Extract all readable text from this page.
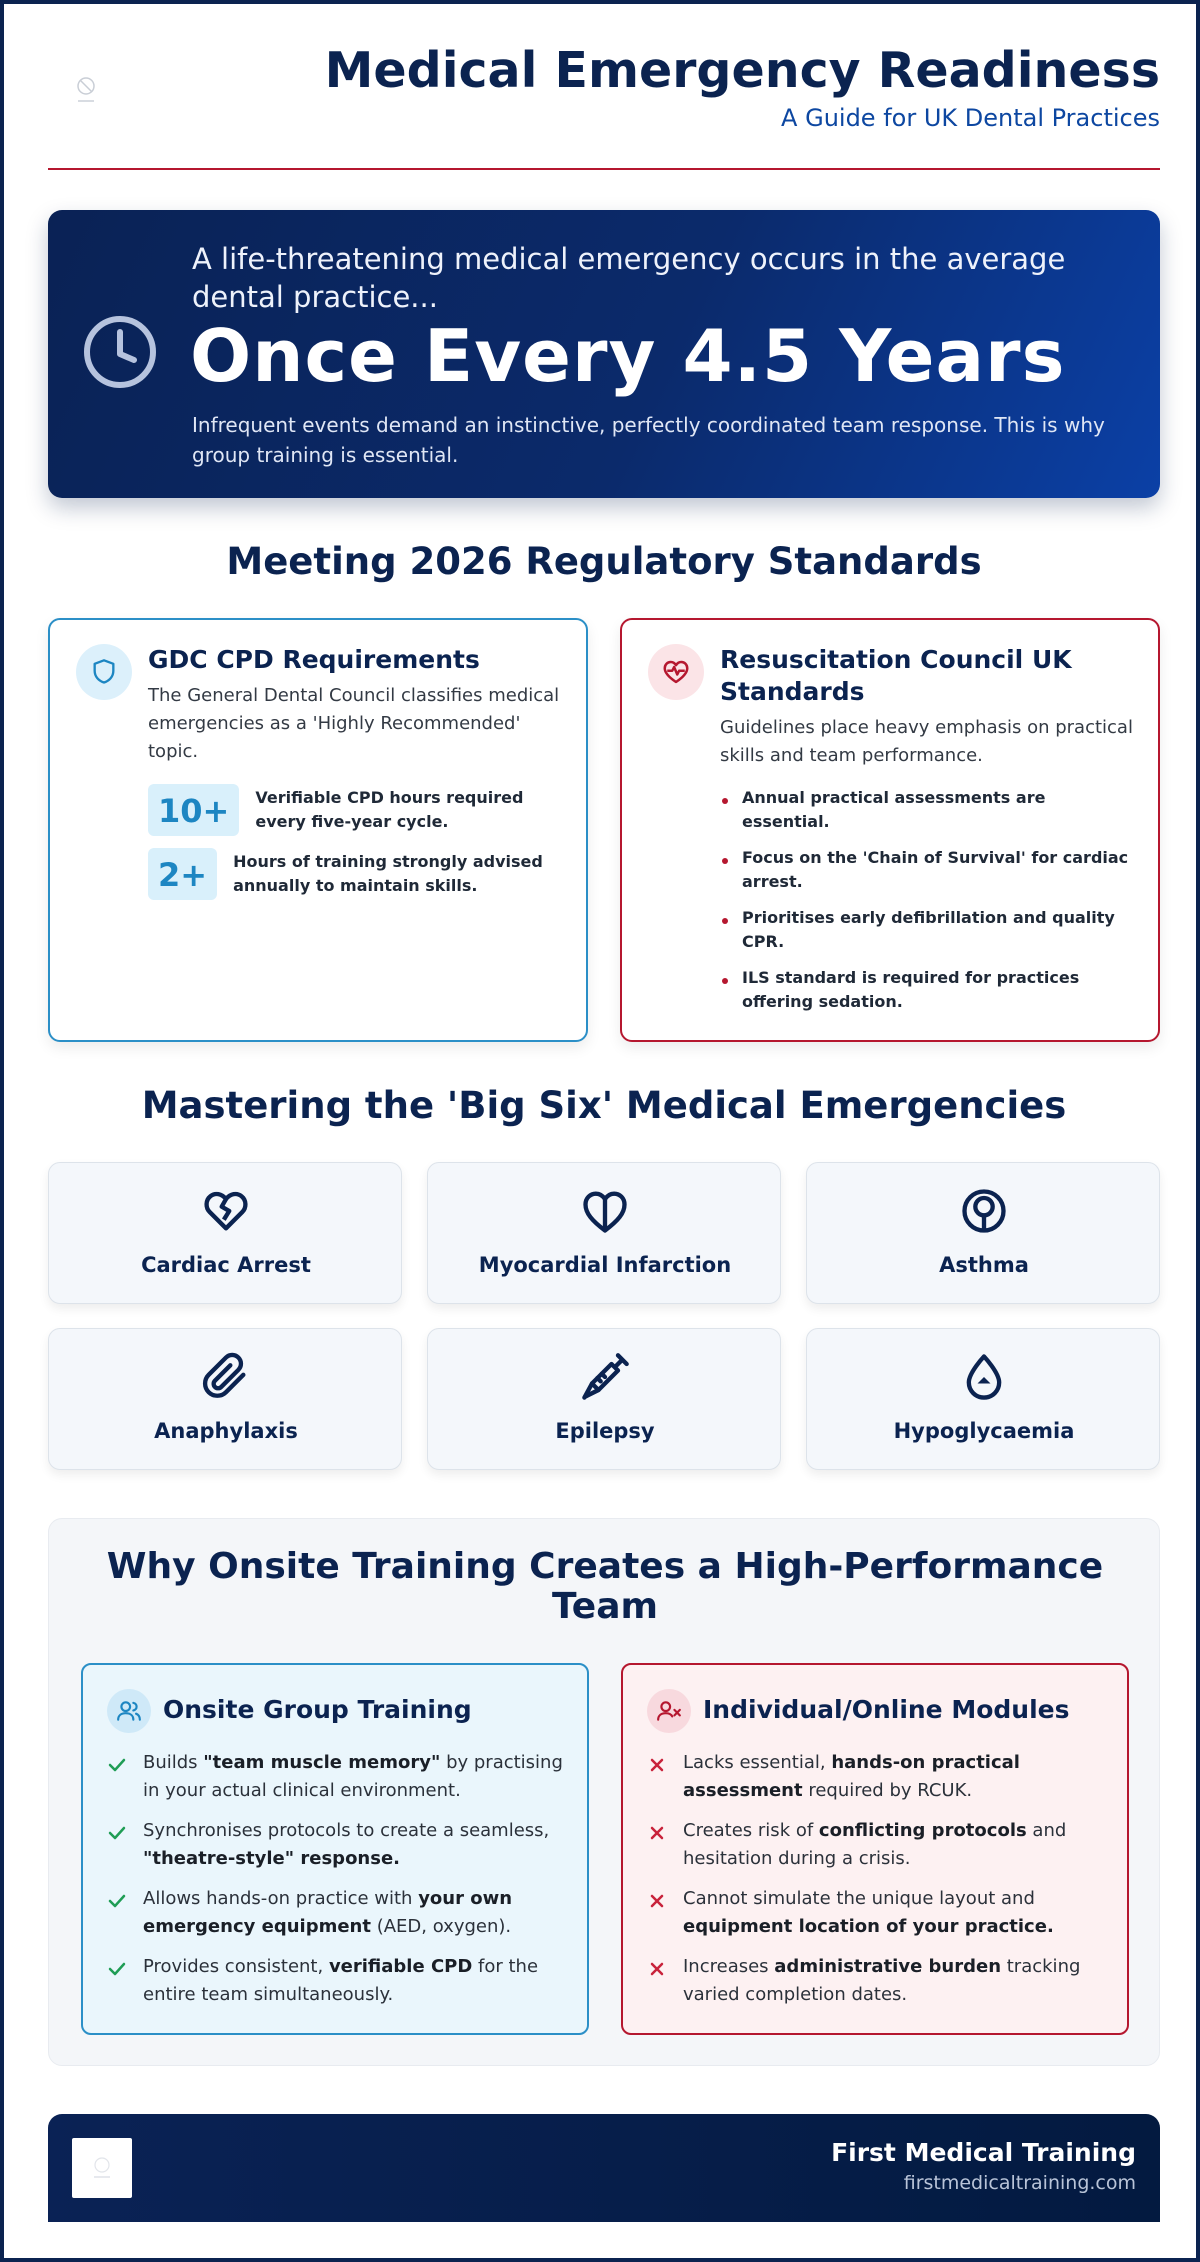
Medical Emergency Readiness
A Guide for UK Dental Practices
A life-threatening medical emergency occurs in the average dental practice...
Once Every 4.5 Years
Infrequent events demand an instinctive, perfectly coordinated team response. This is why group training is essential.
Meeting 2026 Regulatory Standards
GDC CPD Requirements
The General Dental Council classifies medical emergencies as a 'Highly Recommended' topic.
10+	Verifiable CPD hours required every five-year cycle.
2+	Hours of training strongly advised annually to maintain skills.
Resuscitation Council UK Standards
Guidelines place heavy emphasis on practical skills and team performance.
Annual practical assessments are essential.
Focus on the 'Chain of Survival' for cardiac arrest.
Prioritises early defibrillation and quality CPR.
ILS standard is required for practices offering sedation.
Mastering the 'Big Six' Medical Emergencies
Cardiac Arrest	Myocardial Infarction	Asthma
Anaphylaxis	Epilepsy	Hypoglycaemia
Why Onsite Training Creates a High-Performance Team
Onsite Group Training
Builds "team muscle memory" by practising in your actual clinical environment.
Synchronises protocols to create a seamless, "theatre-style" response.
Allows hands-on practice with your own emergency equipment (AED, oxygen).
Provides consistent, verifiable CPD for the entire team simultaneously.
Individual/Online Modules
Lacks essential, hands-on practical assessment required by RCUK.
Creates risk of conflicting protocols and hesitation during a crisis.
Cannot simulate the unique layout and equipment location of your practice.
Increases administrative burden tracking varied completion dates.
First Medical Training
firstmedicaltraining.com
